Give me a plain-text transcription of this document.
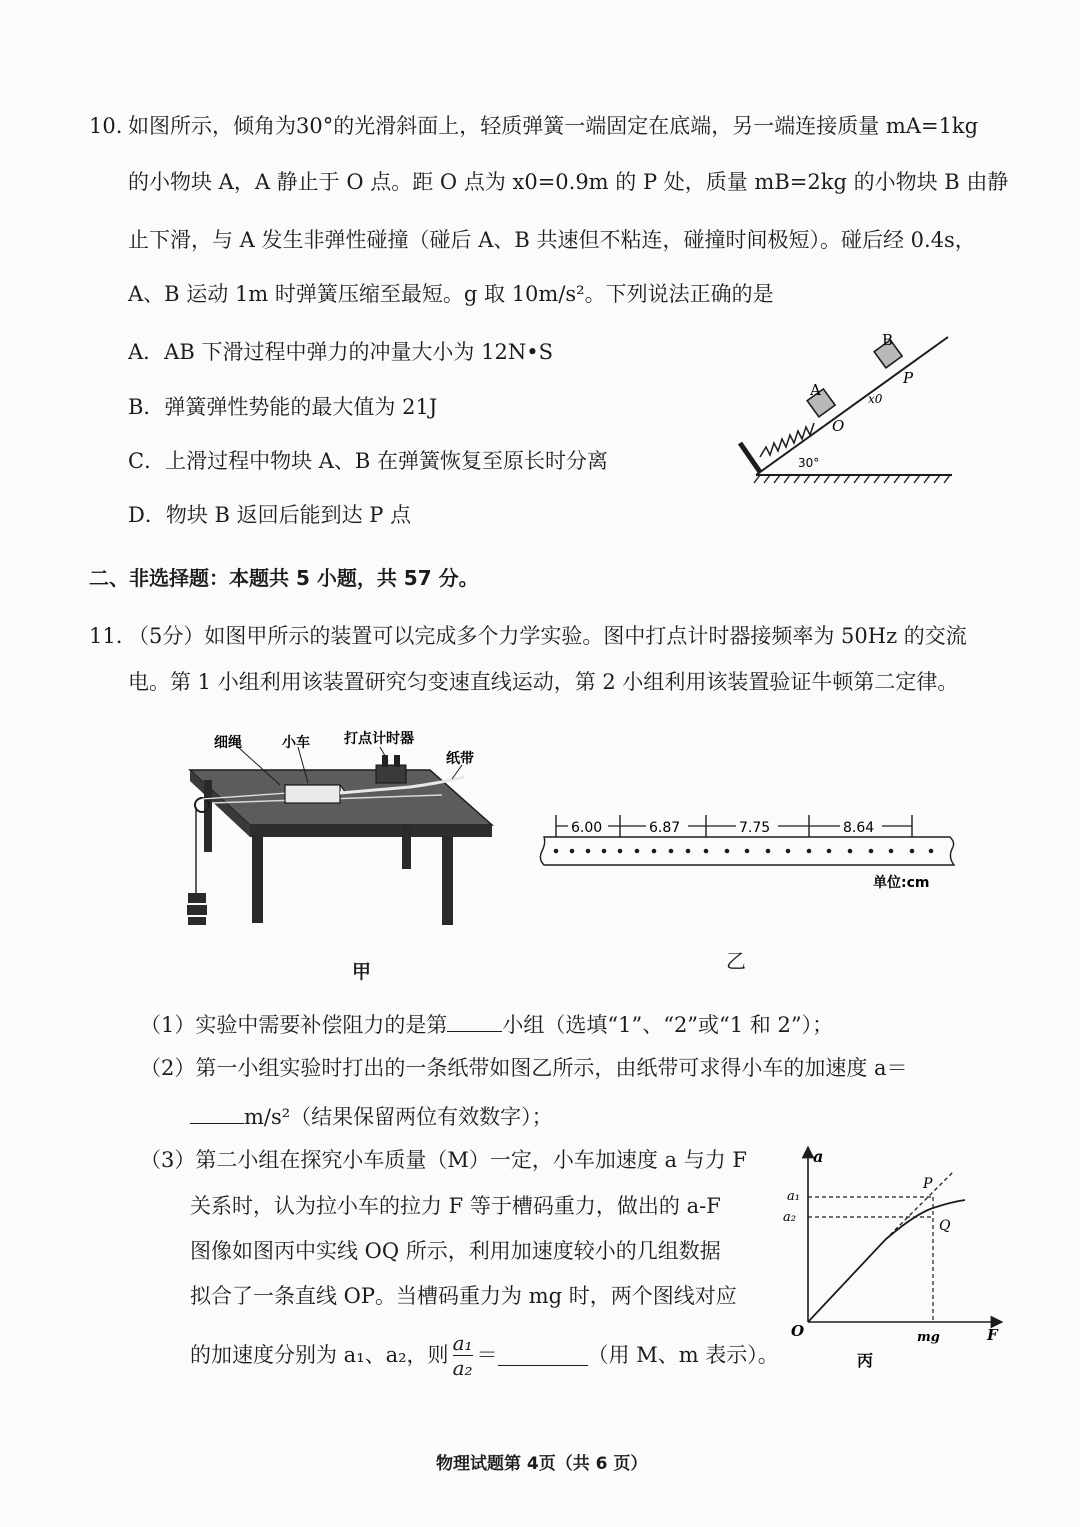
10. 如图所示，倾角为30°的光滑斜面上，轻质弹簧一端固定在底端，另一端连接质量 mA=1kg
的小物块 A，A 静止于 O 点。距 O 点为 x0=0.9m 的 P 处，质量 mB=2kg 的小物块 B 由静
止下滑，与 A 发生非弹性碰撞（碰后 A、B 共速但不粘连，碰撞时间极短）。碰后经 0.4s，
A、B 运动 1m 时弹簧压缩至最短。g 取 10m/s²。下列说法正确的是
A．AB 下滑过程中弹力的冲量大小为 12N•S
B．弹簧弹性势能的最大值为 21J
C．上滑过程中物块 A、B 在弹簧恢复至原长时分离
D．物块 B 返回后能到达 P 点
B
A
P
O
x0
30°
二、非选择题：本题共 5 小题，共 57 分。
11. （5分）如图甲所示的装置可以完成多个力学实验。图中打点计时器接频率为 50Hz 的交流
电。第 1 小组利用该装置研究匀变速直线运动，第 2 小组利用该装置验证牛顿第二定律。
细绳	小车 打点计时器
纸带
甲
6.00	6.87	7.75	8.64
单位:cm
乙
（1）实验中需要补偿阻力的是第	小组（选填“1”、“2”或“1 和 2”）；
（2）第一小组实验时打出的一条纸带如图乙所示，由纸带可求得小车的加速度 a＝
m/s²（结果保留两位有效数字）；
（3）第二小组在探究小车质量（M）一定，小车加速度 a 与力 F
关系时，认为拉小车的拉力 F 等于槽码重力，做出的 a-F
图像如图丙中实线 OQ 所示，利用加速度较小的几组数据
拟合了一条直线 OP。当槽码重力为 mg 时，两个图线对应
的加速度分别为 a₁、a₂，则 $\frac{\text{a₁}}{\text{a₂}}$ ＝	（用 M、m 表示）。
a
F
O
a₁
a₂
P
Q
mg
丙
物理试题第 4页（共 6 页）
